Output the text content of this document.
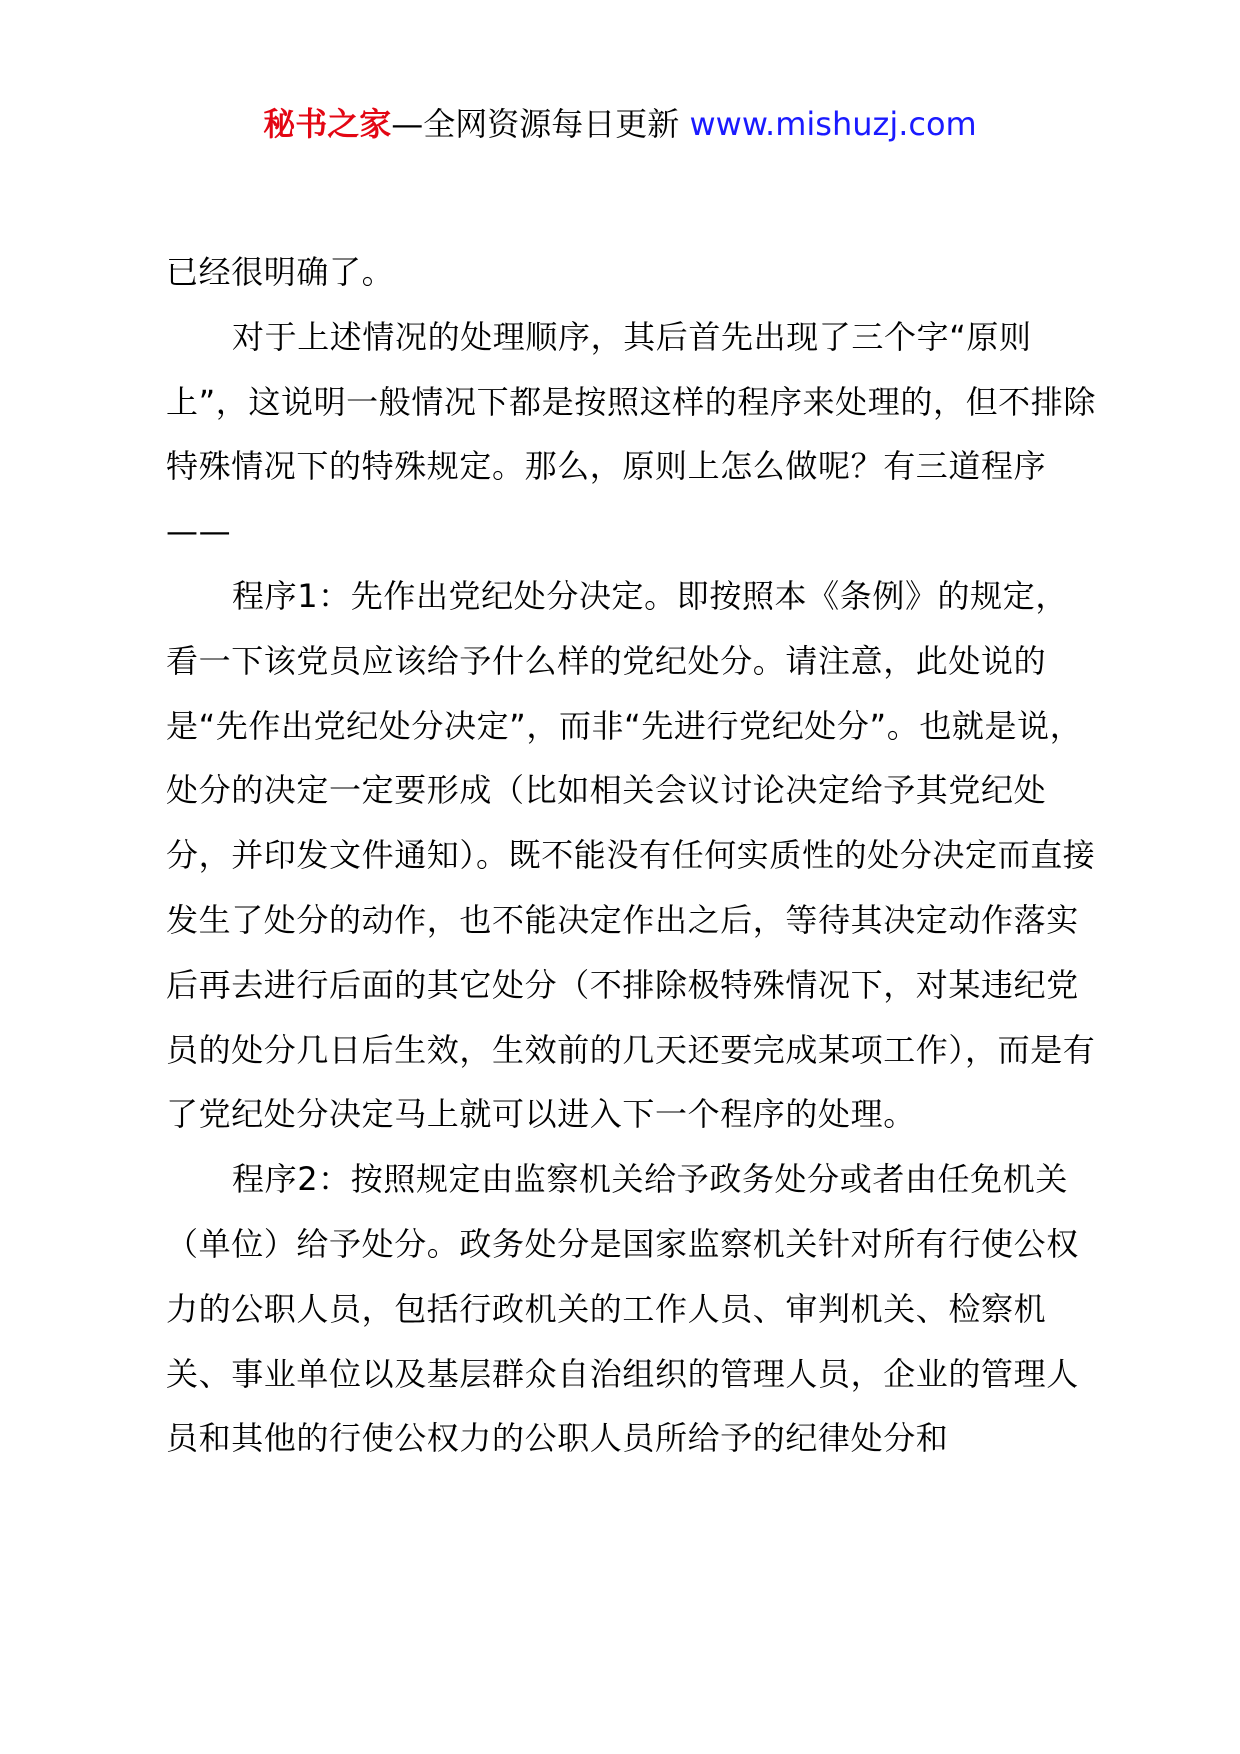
秘书之家—全网资源每日更新 www.mishuzj.com

已经很明确了。

对于上述情况的处理顺序，其后首先出现了三个字“原则上”，这说明一般情况下都是按照这样的程序来处理的，但不排除特殊情况下的特殊规定。那么，原则上怎么做呢？有三道程序——

程序1：先作出党纪处分决定。即按照本《条例》的规定，看一下该党员应该给予什么样的党纪处分。请注意，此处说的是“先作出党纪处分决定”，而非“先进行党纪处分”。也就是说，处分的决定一定要形成（比如相关会议讨论决定给予其党纪处分，并印发文件通知）。既不能没有任何实质性的处分决定而直接发生了处分的动作，也不能决定作出之后，等待其决定动作落实后再去进行后面的其它处分（不排除极特殊情况下，对某违纪党员的处分几日后生效，生效前的几天还要完成某项工作），而是有了党纪处分决定马上就可以进入下一个程序的处理。

程序2：按照规定由监察机关给予政务处分或者由任免机关（单位）给予处分。政务处分是国家监察机关针对所有行使公权力的公职人员，包括行政机关的工作人员、审判机关、检察机关、事业单位以及基层群众自治组织的管理人员，企业的管理人员和其他的行使公权力的公职人员所给予的纪律处分和
